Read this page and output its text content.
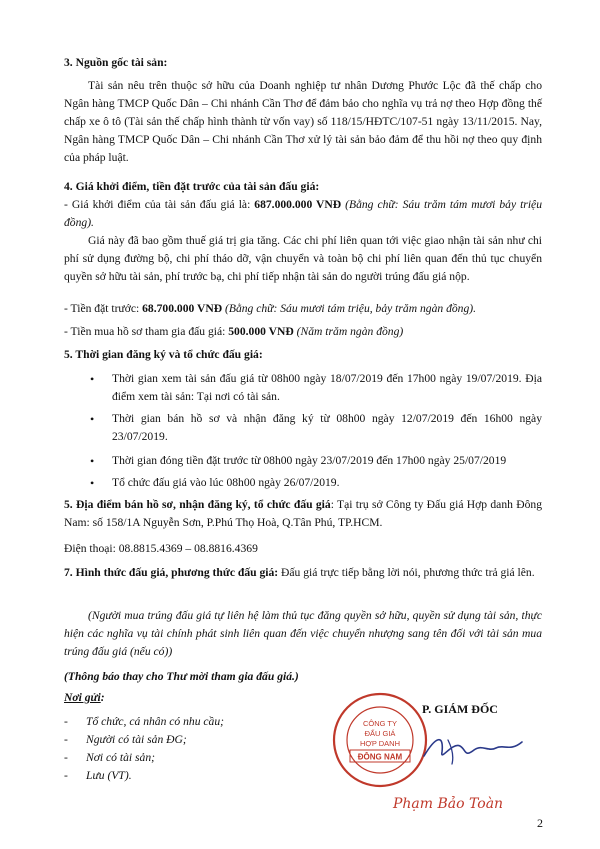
3. Nguồn gốc tài sản:

Tài sản nêu trên thuộc sở hữu của Doanh nghiệp tư nhân Dương Phước Lộc đã thế chấp cho Ngân hàng TMCP Quốc Dân – Chi nhánh Cần Thơ để đảm bảo cho nghĩa vụ trả nợ theo Hợp đồng thế chấp xe ô tô (Tài sản thế chấp hình thành từ vốn vay) số 118/15/HĐTC/107-51 ngày 13/11/2015. Nay, Ngân hàng TMCP Quốc Dân – Chi nhánh Cần Thơ xử lý tài sản bảo đảm để thu hồi nợ theo quy định của pháp luật.

4. Giá khởi điểm, tiền đặt trước của tài sản đấu giá:

- Giá khởi điểm của tài sản đấu giá là: 687.000.000 VNĐ (Bằng chữ: Sáu trăm tám mươi bảy triệu đồng).

Giá này đã bao gồm thuế giá trị gia tăng. Các chi phí liên quan tới việc giao nhận tài sản như chi phí sử dụng đường bộ, chi phí tháo dỡ, vận chuyển và toàn bộ chi phí liên quan đến thủ tục chuyển quyền sở hữu tài sản, phí trước bạ, chi phí tiếp nhận tài sản do người trúng đấu giá nộp.

- Tiền đặt trước: 68.700.000 VNĐ (Bằng chữ: Sáu mươi tám triệu, bảy trăm ngàn đồng).

- Tiền mua hồ sơ tham gia đấu giá: 500.000 VNĐ (Năm trăm ngàn đồng)

5. Thời gian đăng ký và tổ chức đấu giá:

• Thời gian xem tài sản đấu giá từ 08h00 ngày 18/07/2019 đến 17h00 ngày 19/07/2019. Địa điểm xem tài sản: Tại nơi có tài sản.

• Thời gian bán hồ sơ và nhận đăng ký từ 08h00 ngày 12/07/2019 đến 16h00 ngày 23/07/2019.

• Thời gian đóng tiền đặt trước từ 08h00 ngày 23/07/2019 đến 17h00 ngày 25/07/2019

• Tổ chức đấu giá vào lúc 08h00 ngày 26/07/2019.

5. Địa điểm bán hồ sơ, nhận đăng ký, tổ chức đấu giá: Tại trụ sở Công ty Đấu giá Hợp danh Đông Nam: số 158/1A Nguyễn Sơn, P.Phú Thọ Hoà, Q.Tân Phú, TP.HCM.

Điện thoại: 08.8815.4369 – 08.8816.4369

7. Hình thức đấu giá, phương thức đấu giá: Đấu giá trực tiếp bằng lời nói, phương thức trả giá lên.

(Người mua trúng đấu giá tự liên hệ làm thủ tục đăng quyền sở hữu, quyền sử dụng tài sản, thực hiện các nghĩa vụ tài chính phát sinh liên quan đến việc chuyển nhượng sang tên đối với tài sản mua trúng đấu giá (nếu có))

(Thông báo thay cho Thư mời tham gia đấu giá.)

Nơi gửi:

- Tổ chức, cá nhân có nhu cầu;

- Người có tài sản ĐG;

- Nơi có tài sản;

- Lưu (VT).

CÔNG TY
ĐẤU GIÁ
HỢP DANH
ĐÔNG NAM
P. GIÁM ĐỐC
Phạm Bảo Toàn
2
